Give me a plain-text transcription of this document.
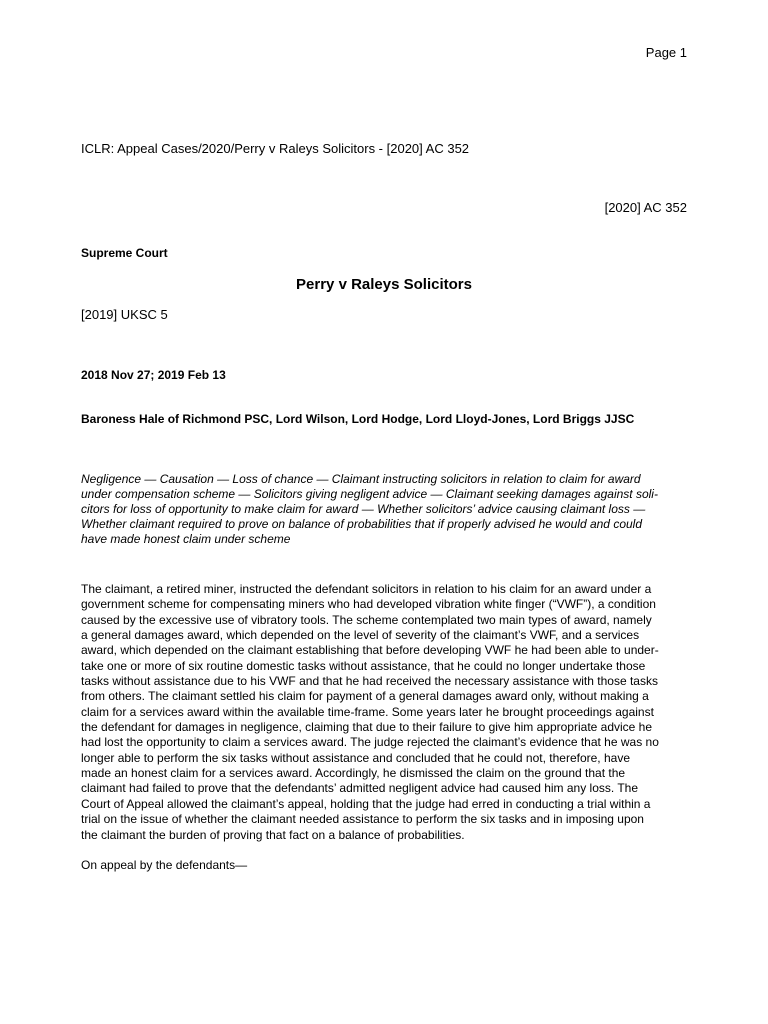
Page 1
ICLR: Appeal Cases/2020/Perry v Raleys Solicitors - [2020] AC 352
[2020] AC 352
Supreme Court
Perry v Raleys Solicitors
[2019] UKSC 5
2018 Nov 27; 2019 Feb 13
Baroness Hale of Richmond PSC, Lord Wilson, Lord Hodge, Lord Lloyd-Jones, Lord Briggs JJSC
Negligence — Causation — Loss of chance — Claimant instructing solicitors in relation to claim for award
under compensation scheme — Solicitors giving negligent advice — Claimant seeking damages against soli-
citors for loss of opportunity to make claim for award — Whether solicitors’ advice causing claimant loss —
Whether claimant required to prove on balance of probabilities that if properly advised he would and could
have made honest claim under scheme
The claimant, a retired miner, instructed the defendant solicitors in relation to his claim for an award under a
government scheme for compensating miners who had developed vibration white finger (“VWF”), a condition
caused by the excessive use of vibratory tools. The scheme contemplated two main types of award, namely
a general damages award, which depended on the level of severity of the claimant’s VWF, and a services
award, which depended on the claimant establishing that before developing VWF he had been able to under-
take one or more of six routine domestic tasks without assistance, that he could no longer undertake those
tasks without assistance due to his VWF and that he had received the necessary assistance with those tasks
from others. The claimant settled his claim for payment of a general damages award only, without making a
claim for a services award within the available time-frame. Some years later he brought proceedings against
the defendant for damages in negligence, claiming that due to their failure to give him appropriate advice he
had lost the opportunity to claim a services award. The judge rejected the claimant’s evidence that he was no
longer able to perform the six tasks without assistance and concluded that he could not, therefore, have
made an honest claim for a services award. Accordingly, he dismissed the claim on the ground that the
claimant had failed to prove that the defendants’ admitted negligent advice had caused him any loss. The
Court of Appeal allowed the claimant’s appeal, holding that the judge had erred in conducting a trial within a
trial on the issue of whether the claimant needed assistance to perform the six tasks and in imposing upon
the claimant the burden of proving that fact on a balance of probabilities.
On appeal by the defendants—
